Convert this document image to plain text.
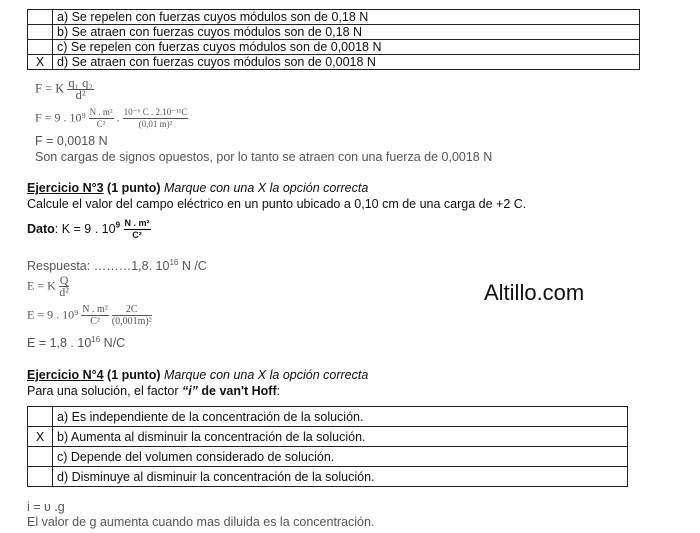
	a) Se repelen con fuerzas cuyos módulos son de 0,18 N
	b) Se atraen con fuerzas cuyos módulos son de 0,18 N
	c) Se repelen con fuerzas cuyos módulos son de 0,0018 N
X	d) Se atraen con fuerzas cuyos módulos son de 0,0018 N
F = K $\frac{\text{q₁ q₂}}{\text{d²}}$
F = 9 . $10^9 \frac{\text{N . m²}}{\text{C²}}$ . $\frac{\text{10⁻⁶ C . 2.10⁻¹¹C}}{\text{(0,01 m)²}}$
F = 0,0018 N
Son cargas de signos opuestos, por lo tanto se atraen con una fuerza de 0,0018 N
Ejercicio N°3 (1 punto) Marque con una X la opción correcta
Calcule el valor del campo eléctrico en un punto ubicado a 0,10 cm de una carga de +2 C.
Dato: K = 9 . $10^9 \frac{\text{N . m²}}{\text{C²}}$
Respuesta: ………1,8. $10^{16}$ N /C
E = K $\frac{Q}{\text{d²}}$
E = 9 . $10^9 \frac{\text{N . m²}}{\text{C²}}$
$\frac{2C}{\text{(0,001m)²}}$
E = 1,8 . $10^{16}$ N/C
Altillo.com
Ejercicio N°4 (1 punto) Marque con una X la opción correcta
Para una solución, el factor “i” de van't Hoff:
	a) Es independiente de la concentración de la solución.
X	b) Aumenta al disminuir la concentración de la solución.
	c) Depende del volumen considerado de solución.
	d) Disminuye al disminuir la concentración de la solución.
i = υ .g
El valor de g aumenta cuando mas diluida es la concentración.
